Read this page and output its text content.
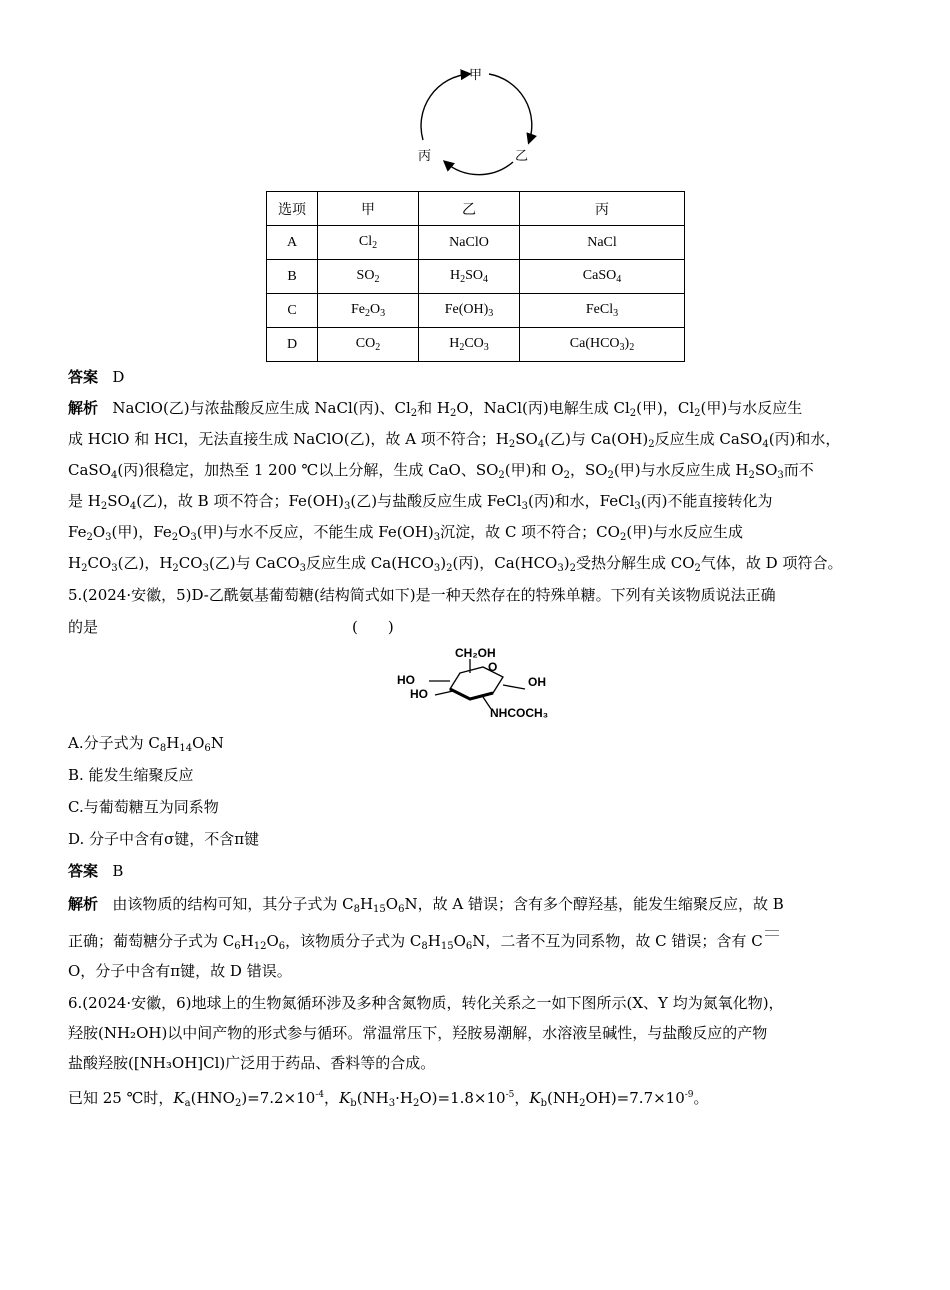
甲
乙
丙
选项	甲	乙	丙
A	$Cl_2$	NaClO	NaCl
B	$SO_2$	$H_2SO_4$	CaSO$_4$
C	$Fe_2O_3$	$Fe(OH)_3$	FeCl$_3$
D	$CO_2$	$H_2CO_3$	$Ca(HCO_3)_2$
答案 D
解析   NaClO(乙)与浓盐酸反应生成 NaCl(丙)、$Cl_2$和 $H_2O$，NaCl(丙)电解生成 $Cl_2$(甲)，$Cl_2$(甲)与水反应生
成 HClO 和 HCl，无法直接生成 NaClO(乙)，故 A 项不符合；$H_2SO_4$(乙)与 $Ca(OH)_2$反应生成 CaSO$_4$(丙)和水，
CaSO$_4$(丙)很稳定，加热至 1 200 ℃以上分解，生成 CaO、$SO_2$(甲)和 $O_2$，$SO_2$(甲)与水反应生成 $H_2SO_3$而不
是 $H_2SO_4$(乙)，故 B 项不符合；$Fe(OH)_3$(乙)与盐酸反应生成 FeCl$_3$(丙)和水，FeCl$_3$(丙)不能直接转化为
$Fe_2O_3$(甲)，$Fe_2O_3$(甲)与水不反应，不能生成 $Fe(OH)_3$沉淀，故 C 项不符合；$CO_2$(甲)与水反应生成
$H_2CO_3$(乙)，$H_2CO_3$(乙)与 CaCO$_3$反应生成 $Ca(HCO_3)_2$(丙)，$Ca(HCO_3)_2$受热分解生成 $CO_2$气体，故 D 项符合。
5.(2024·安徽，5)D-乙酰氨基葡萄糖(结构简式如下)是一种天然存在的特殊单糖。下列有关该物质说法正确
的是	(　　)
CH₂OH
O
HO
HO
OH
NHCOCH₃
A.分子式为 $C_8H_{14}O_6N$
B. 能发生缩聚反应
C.与葡萄糖互为同系物
D. 分子中含有σ键，不含π键
答案 B
解析   由该物质的结构可知，其分子式为 $C_8H_{15}O_6N$，故 A 错误；含有多个醇羟基，能发生缩聚反应，故 B
正确；葡萄糖分子式为 $C_6H_{12}O_6$，该物质分子式为 $C_8H_{15}O_6N$，二者不互为同系物，故 C 错误；含有 C
O，分子中含有π键，故 D 错误。
6.(2024·安徽，6)地球上的生物氮循环涉及多种含氮物质，转化关系之一如下图所示(X、Y 均为氮氧化物)，
羟胺(NH₂OH)以中间产物的形式参与循环。常温常压下，羟胺易潮解，水溶液呈碱性，与盐酸反应的产物
盐酸羟胺([NH₃OH]Cl)广泛用于药品、香料等的合成。
已知 25 ℃时，$K_a(HNO_2)=7.2\times 10^{-4}$，$K_b(NH_3\cdot H_2O)=1.8\times 10^{-5}$，$K_b(NH_2OH)=7.7\times 10^{-9}$。
